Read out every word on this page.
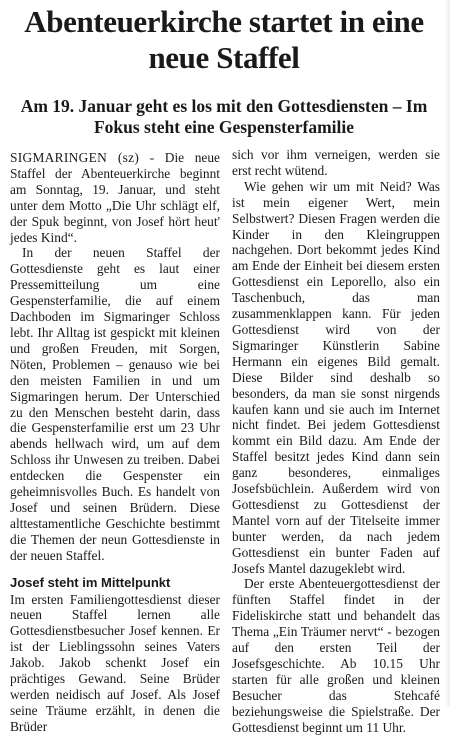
Abenteuerkirche startet in eine neue Staffel
Am 19. Januar geht es los mit den Gottesdiensten – Im Fokus steht eine Gespensterfamilie

SIGMARINGEN (sz) - Die neue Staffel der Abenteuerkirche beginnt am Sonntag, 19. Januar, und steht unter dem Motto „Die Uhr schlägt elf, der Spuk beginnt, von Josef hört heut' jedes Kind“.

In der neuen Staffel der Gottesdienste geht es laut einer Pressemitteilung um eine Gespensterfamilie, die auf einem Dachboden im Sigmaringer Schloss lebt. Ihr Alltag ist gespickt mit kleinen und großen Freuden, mit Sorgen, Nöten, Problemen – genauso wie bei den meisten Familien in und um Sigmaringen herum. Der Unterschied zu den Menschen besteht darin, dass die Gespensterfamilie erst um 23 Uhr abends hellwach wird, um auf dem Schloss ihr Unwesen zu treiben. Dabei entdecken die Gespenster ein geheimnisvolles Buch. Es handelt von Josef und seinen Brüdern. Diese alttestamentliche Geschichte bestimmt die Themen der neun Gottesdienste in der neuen Staffel.

Josef steht im Mittelpunkt

Im ersten Familiengottesdienst dieser neuen Staffel lernen alle Gottesdienstbesucher Josef kennen. Er ist der Lieblingssohn seines Vaters Jakob. Jakob schenkt Josef ein prächtiges Gewand. Seine Brüder werden neidisch auf Josef. Als Josef seine Träume erzählt, in denen die Brüder

sich vor ihm verneigen, werden sie erst recht wütend.

Wie gehen wir um mit Neid? Was ist mein eigener Wert, mein Selbstwert? Diesen Fragen werden die Kinder in den Kleingruppen nachgehen. Dort bekommt jedes Kind am Ende der Einheit bei diesem ersten Gottesdienst ein Leporello, also ein Taschenbuch, das man zusammenklappen kann. Für jeden Gottesdienst wird von der Sigmaringer Künstlerin Sabine Hermann ein eigenes Bild gemalt. Diese Bilder sind deshalb so besonders, da man sie sonst nirgends kaufen kann und sie auch im Internet nicht findet. Bei jedem Gottesdienst kommt ein Bild dazu. Am Ende der Staffel besitzt jedes Kind dann sein ganz besonderes, einmaliges Josefsbüchlein. Außerdem wird von Gottesdienst zu Gottesdienst der Mantel vorn auf der Titelseite immer bunter werden, da nach jedem Gottesdienst ein bunter Faden auf Josefs Mantel dazugeklebt wird.

Der erste Abenteuergottesdienst der fünften Staffel findet in der Fideliskirche statt und behandelt das Thema „Ein Träumer nervt“ - bezogen auf den ersten Teil der Josefsgeschichte. Ab 10.15 Uhr starten für alle großen und kleinen Besucher das Stehcafé beziehungsweise die Spielstraße. Der Gottesdienst beginnt um 11 Uhr.
